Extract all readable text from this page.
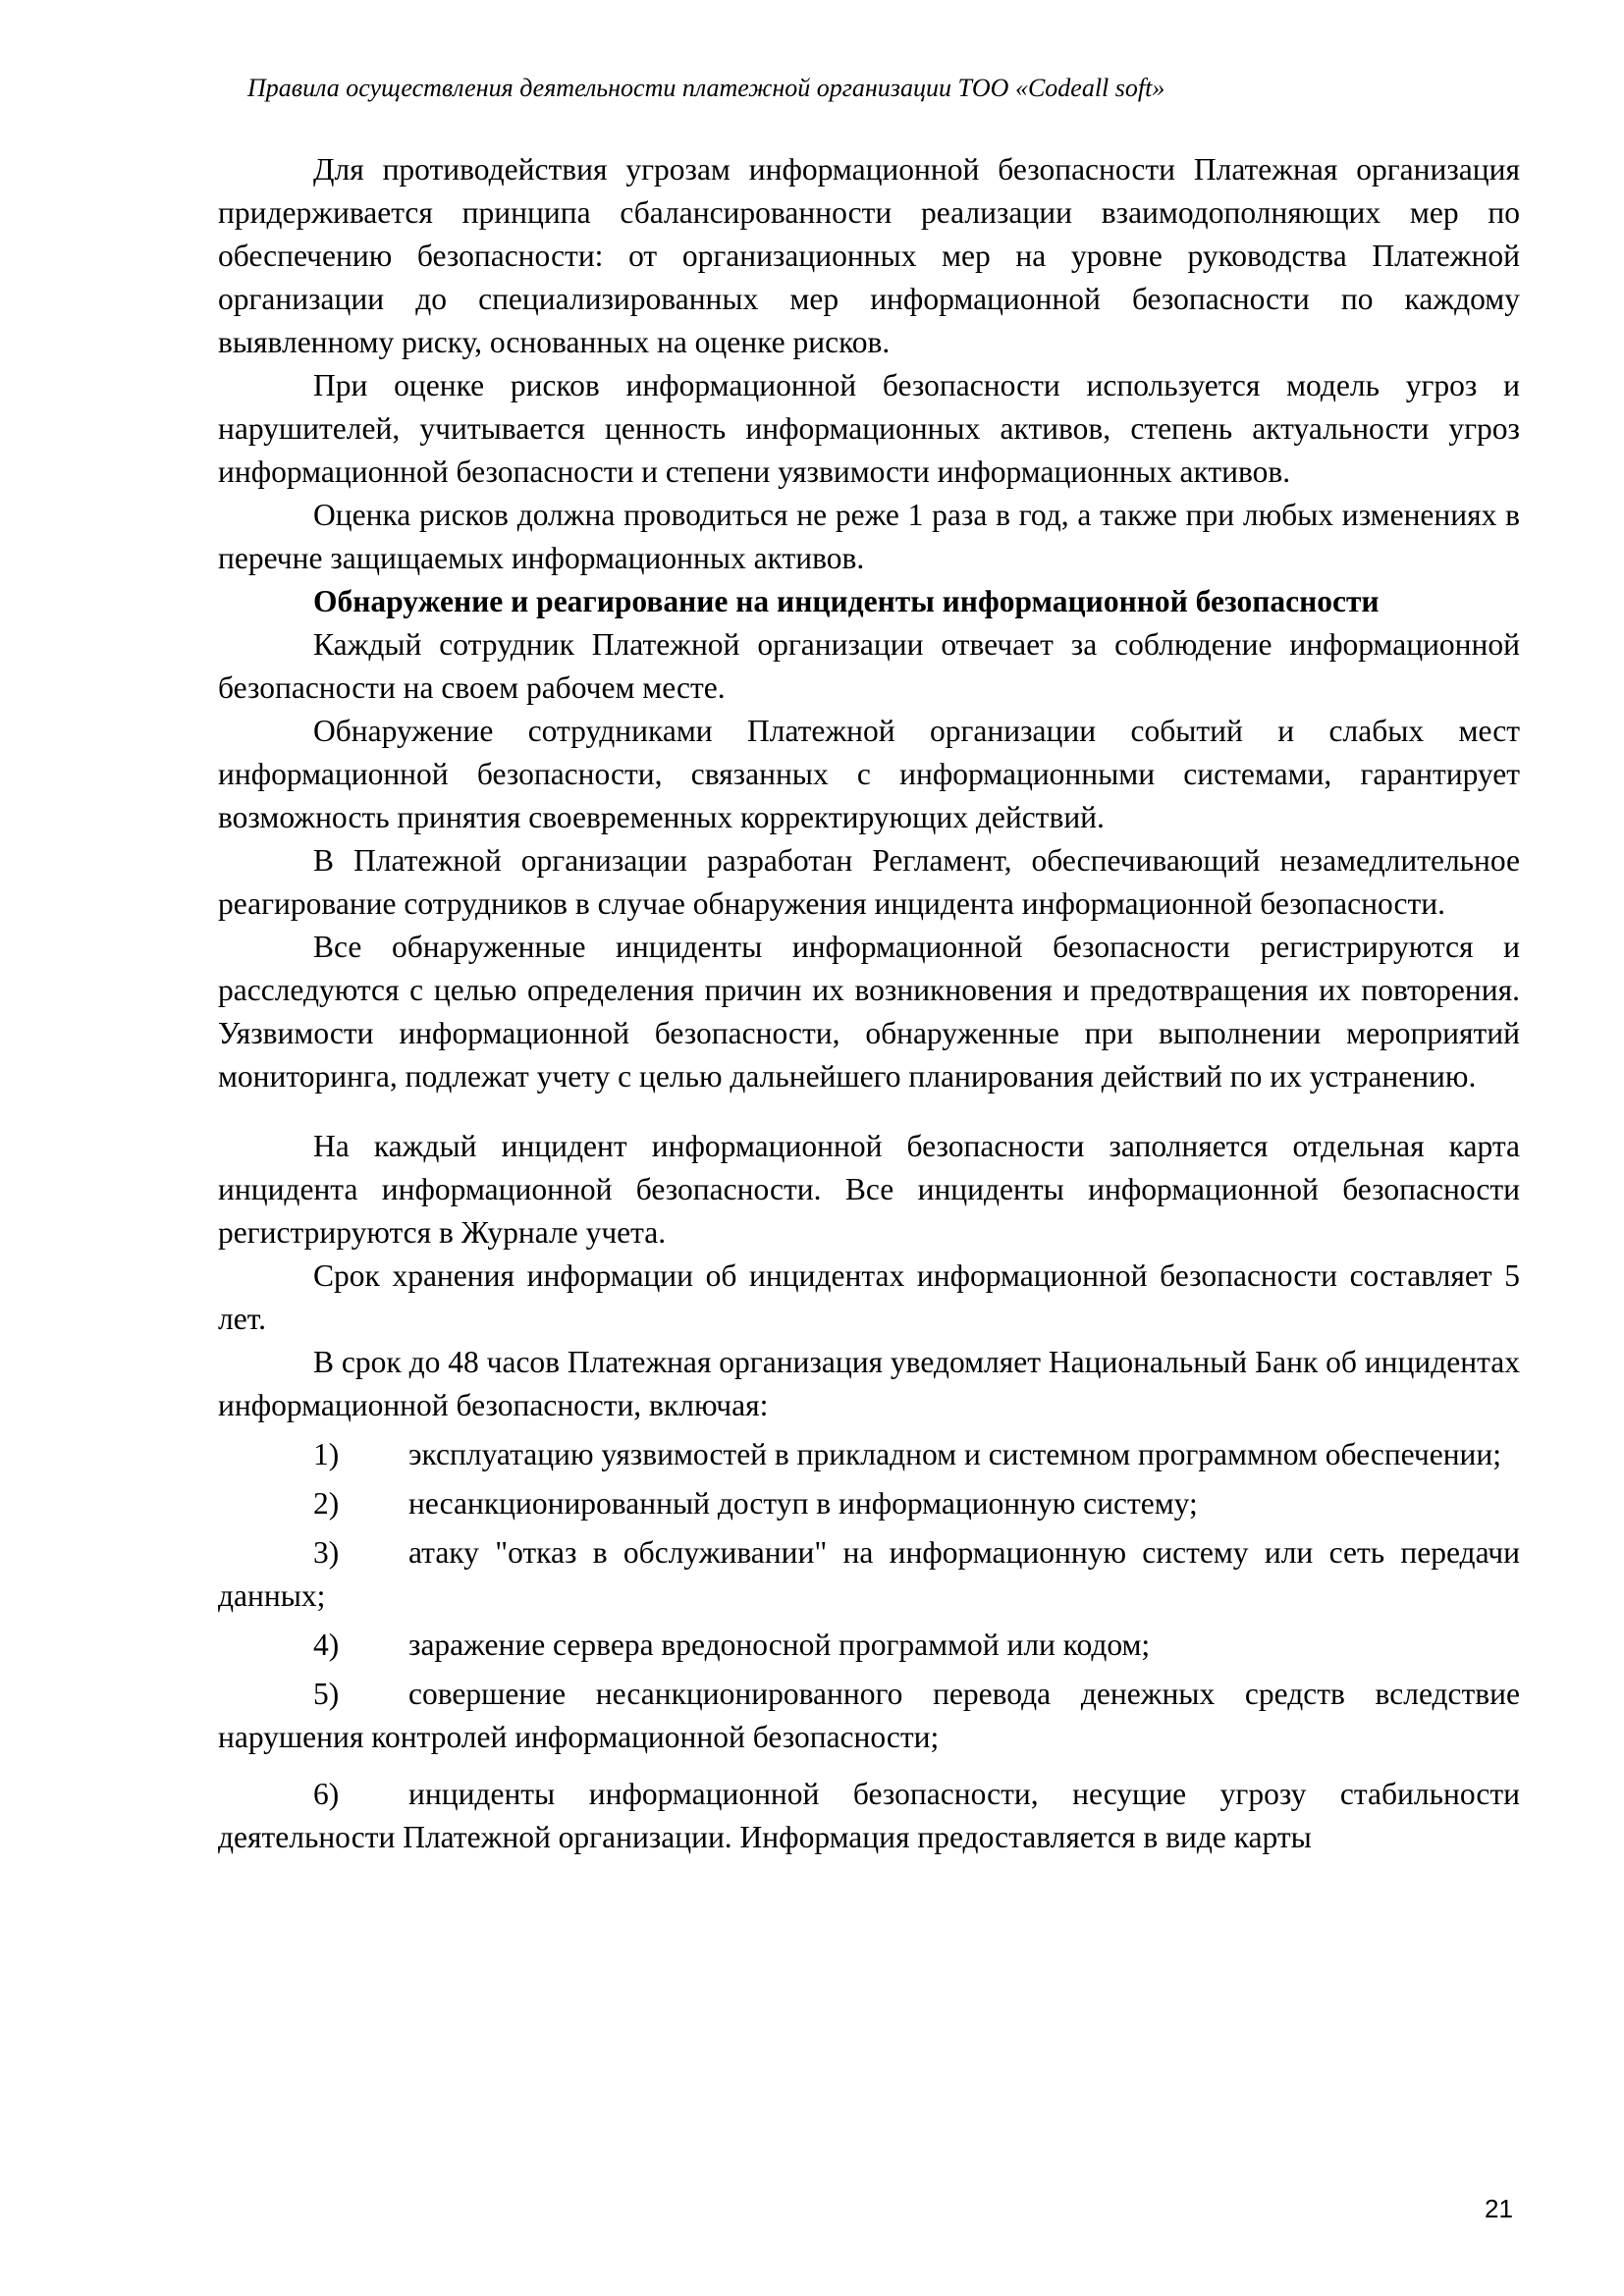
Правила осуществления деятельности платежной организации ТОО «Codeall soft»

Для противодействия угрозам информационной безопасности Платежная организация придерживается принципа сбалансированности реализации взаимодополняющих мер по обеспечению безопасности: от организационных мер на уровне руководства Платежной организации до специализированных мер информационной безопасности по каждому выявленному риску, основанных на оценке рисков.

При оценке рисков информационной безопасности используется модель угроз и нарушителей, учитывается ценность информационных активов, степень актуальности угроз информационной безопасности и степени уязвимости информационных активов.

Оценка рисков должна проводиться не реже 1 раза в год, а также при любых изменениях в перечне защищаемых информационных активов.

Обнаружение и реагирование на инциденты информационной безопасности

Каждый сотрудник Платежной организации отвечает за соблюдение информационной безопасности на своем рабочем месте.

Обнаружение сотрудниками Платежной организации событий и слабых мест информационной безопасности, связанных с информационными системами, гарантирует возможность принятия своевременных корректирующих действий.

В Платежной организации разработан Регламент, обеспечивающий незамедлительное реагирование сотрудников в случае обнаружения инцидента информационной безопасности.

Все обнаруженные инциденты информационной безопасности регистрируются и расследуются с целью определения причин их возникновения и предотвращения их повторения. Уязвимости информационной безопасности, обнаруженные при выполнении мероприятий мониторинга, подлежат учету с целью дальнейшего планирования действий по их устранению.

На каждый инцидент информационной безопасности заполняется отдельная карта инцидента информационной безопасности. Все инциденты информационной безопасности регистрируются в Журнале учета.

Срок хранения информации об инцидентах информационной безопасности составляет 5 лет.

В срок до 48 часов Платежная организация уведомляет Национальный Банк об инцидентах информационной безопасности, включая:

1) эксплуатацию уязвимостей в прикладном и системном программном обеспечении;

2) несанкционированный доступ в информационную систему;

3) атаку "отказ в обслуживании" на информационную систему или сеть передачи данных;

4) заражение сервера вредоносной программой или кодом;

5) совершение несанкционированного перевода денежных средств вследствие нарушения контролей информационной безопасности;

6) инциденты информационной безопасности, несущие угрозу стабильности деятельности Платежной организации. Информация предоставляется в виде карты

21
